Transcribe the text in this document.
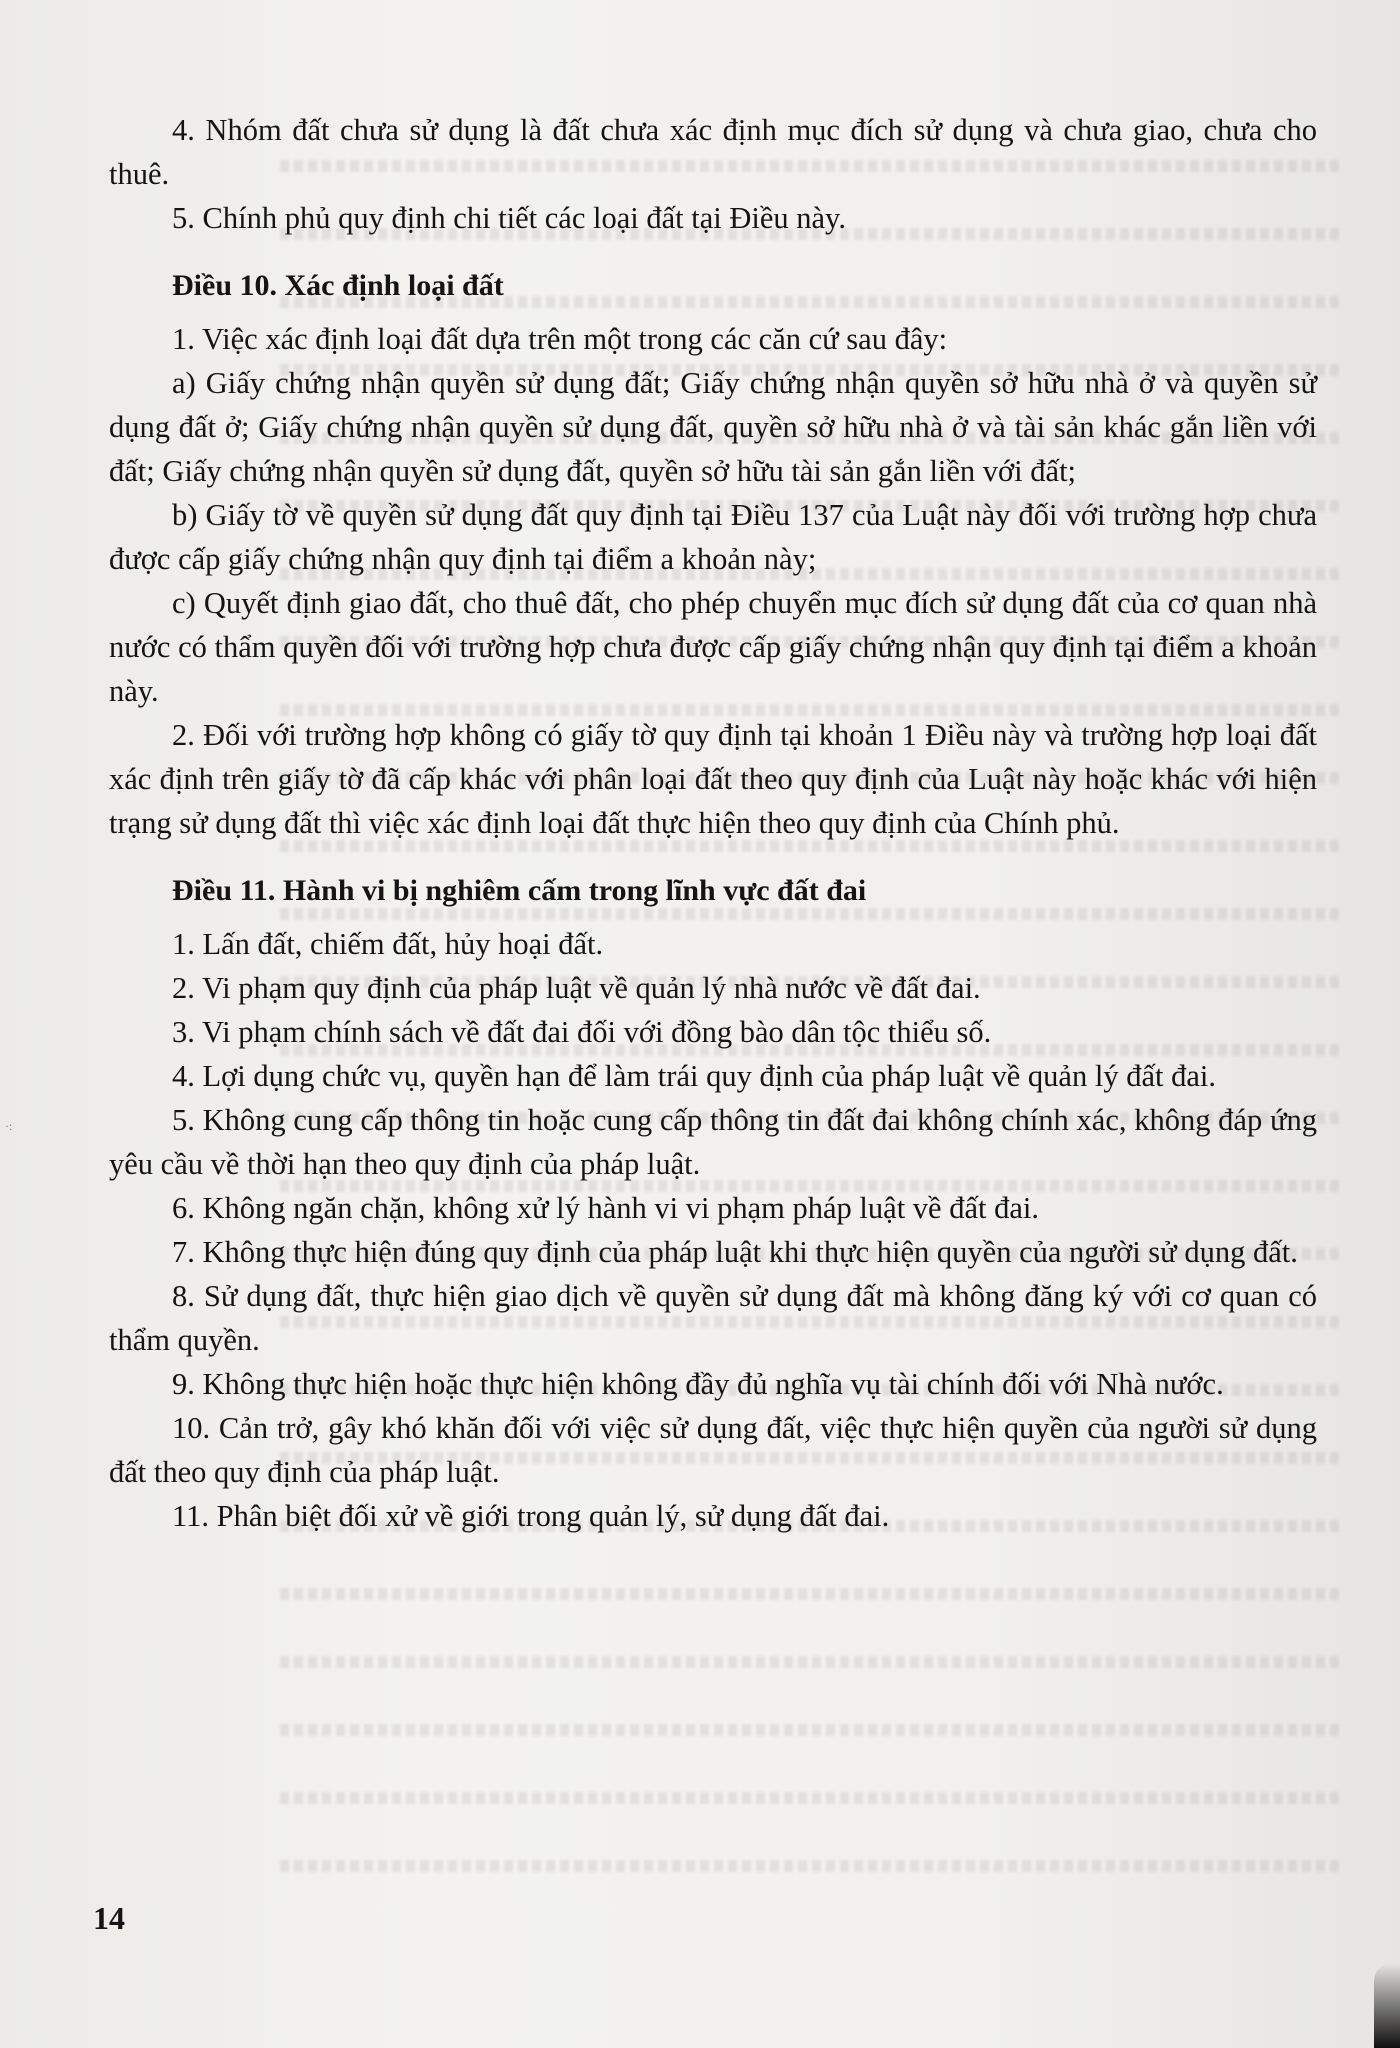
·:

4. Nhóm đất chưa sử dụng là đất chưa xác định mục đích sử dụng và chưa giao, chưa cho thuê.

5. Chính phủ quy định chi tiết các loại đất tại Điều này.

Điều 10. Xác định loại đất

1. Việc xác định loại đất dựa trên một trong các căn cứ sau đây:

a) Giấy chứng nhận quyền sử dụng đất; Giấy chứng nhận quyền sở hữu nhà ở và quyền sử dụng đất ở; Giấy chứng nhận quyền sử dụng đất, quyền sở hữu nhà ở và tài sản khác gắn liền với đất; Giấy chứng nhận quyền sử dụng đất, quyền sở hữu tài sản gắn liền với đất;

b) Giấy tờ về quyền sử dụng đất quy định tại Điều 137 của Luật này đối với trường hợp chưa được cấp giấy chứng nhận quy định tại điểm a khoản này;

c) Quyết định giao đất, cho thuê đất, cho phép chuyển mục đích sử dụng đất của cơ quan nhà nước có thẩm quyền đối với trường hợp chưa được cấp giấy chứng nhận quy định tại điểm a khoản này.

2. Đối với trường hợp không có giấy tờ quy định tại khoản 1 Điều này và trường hợp loại đất xác định trên giấy tờ đã cấp khác với phân loại đất theo quy định của Luật này hoặc khác với hiện trạng sử dụng đất thì việc xác định loại đất thực hiện theo quy định của Chính phủ.

Điều 11. Hành vi bị nghiêm cấm trong lĩnh vực đất đai

1. Lấn đất, chiếm đất, hủy hoại đất.

2. Vi phạm quy định của pháp luật về quản lý nhà nước về đất đai.

3. Vi phạm chính sách về đất đai đối với đồng bào dân tộc thiểu số.

4. Lợi dụng chức vụ, quyền hạn để làm trái quy định của pháp luật về quản lý đất đai.

5. Không cung cấp thông tin hoặc cung cấp thông tin đất đai không chính xác, không đáp ứng yêu cầu về thời hạn theo quy định của pháp luật.

6. Không ngăn chặn, không xử lý hành vi vi phạm pháp luật về đất đai.

7. Không thực hiện đúng quy định của pháp luật khi thực hiện quyền của người sử dụng đất.

8. Sử dụng đất, thực hiện giao dịch về quyền sử dụng đất mà không đăng ký với cơ quan có thẩm quyền.

9. Không thực hiện hoặc thực hiện không đầy đủ nghĩa vụ tài chính đối với Nhà nước.

10. Cản trở, gây khó khăn đối với việc sử dụng đất, việc thực hiện quyền của người sử dụng đất theo quy định của pháp luật.

11. Phân biệt đối xử về giới trong quản lý, sử dụng đất đai.

14
